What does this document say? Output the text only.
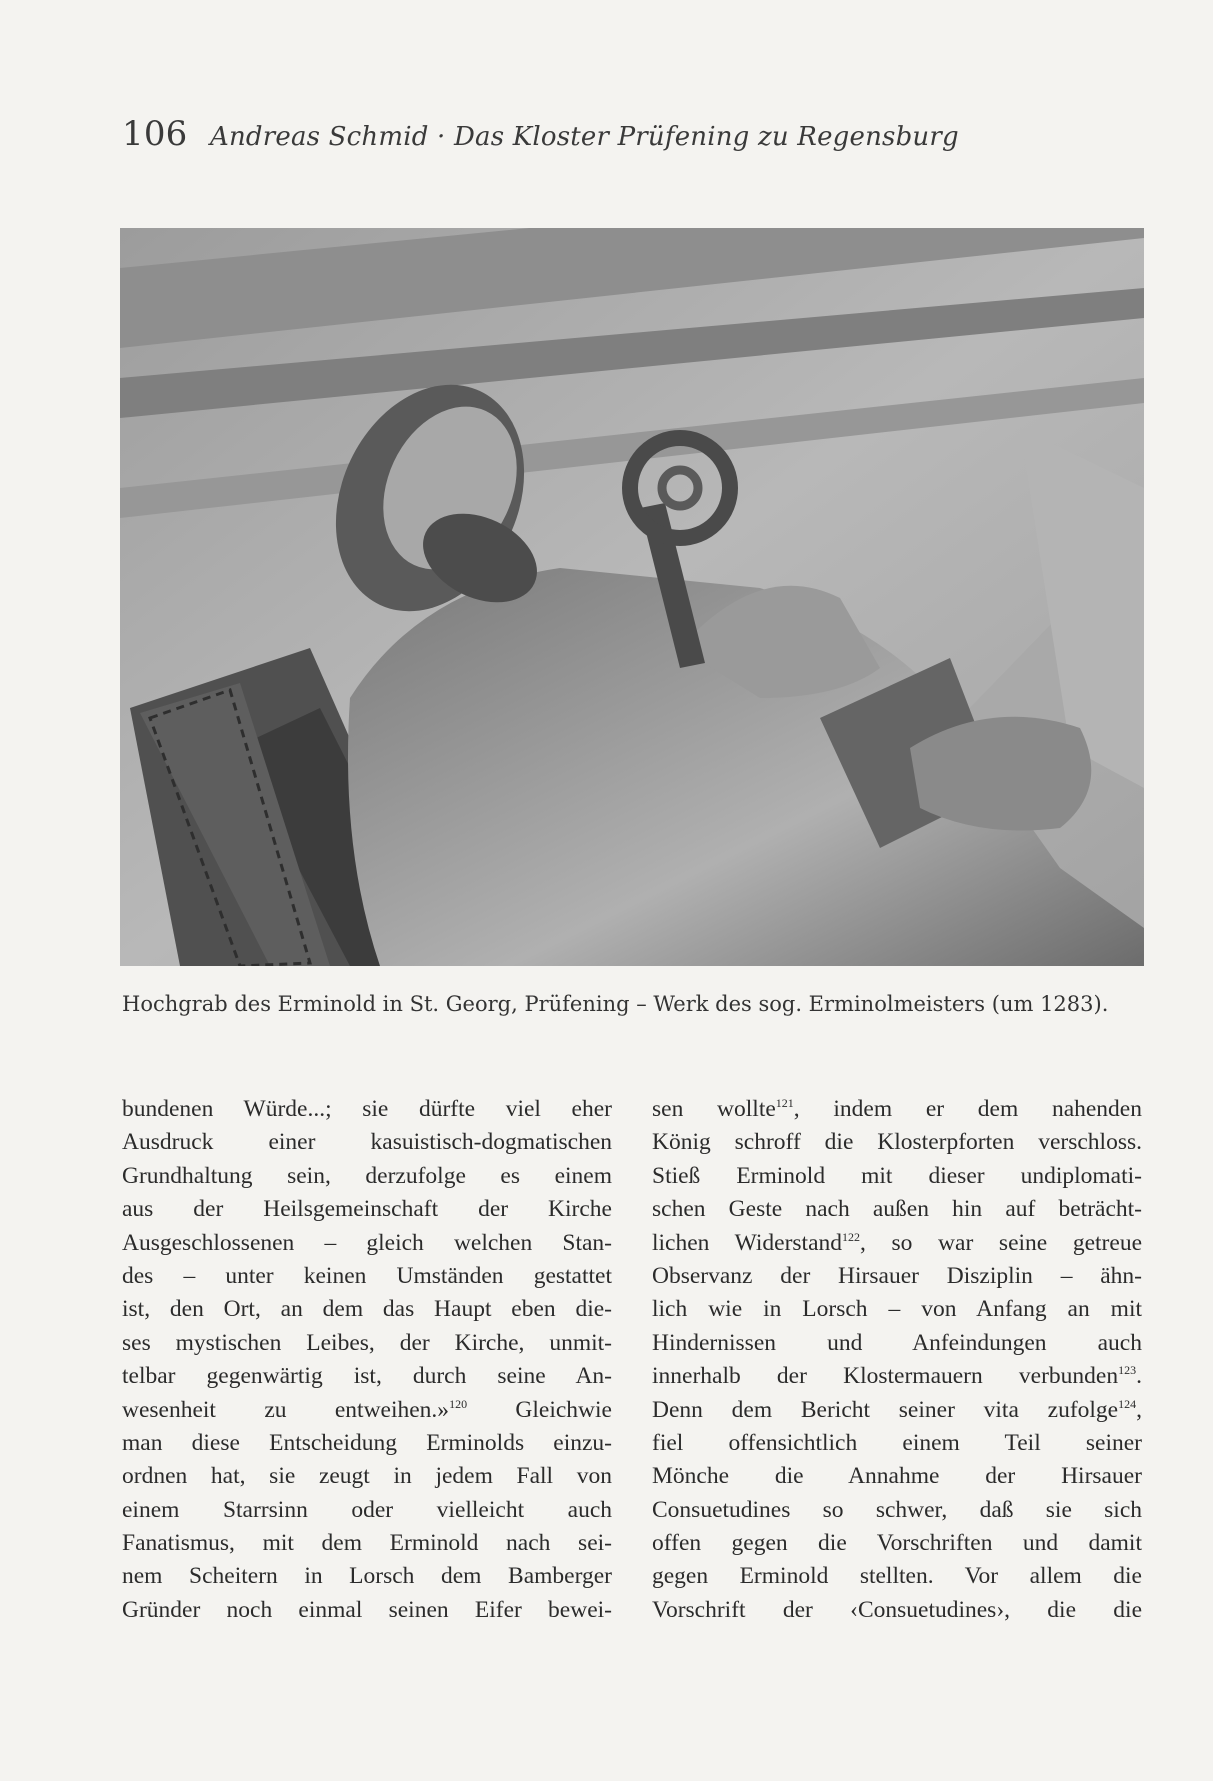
106 Andreas Schmid · Das Kloster Prüfening zu Regensburg
Hochgrab des Erminold in St. Georg, Prüfening – Werk des sog. Erminolmeisters (um 1283).
bundenen Würde...; sie dürfte viel eher
Ausdruck einer kasuistisch-dogmatischen
Grundhaltung sein, derzufolge es einem
aus der Heilsgemeinschaft der Kirche
Ausgeschlossenen – gleich welchen Stan-
des – unter keinen Umständen gestattet
ist, den Ort, an dem das Haupt eben die-
ses mystischen Leibes, der Kirche, unmit-
telbar gegenwärtig ist, durch seine An-
wesenheit zu entweihen.»$^{120}$ Gleichwie
man diese Entscheidung Erminolds einzu-
ordnen hat, sie zeugt in jedem Fall von
einem Starrsinn oder vielleicht auch
Fanatismus, mit dem Erminold nach sei-
nem Scheitern in Lorsch dem Bamberger
Gründer noch einmal seinen Eifer bewei-
sen wollte$^{121}$, indem er dem nahenden
König schroff die Klosterpforten verschloss.
Stieß Erminold mit dieser undiplomati-
schen Geste nach außen hin auf beträcht-
lichen Widerstand$^{122}$, so war seine getreue
Observanz der Hirsauer Disziplin – ähn-
lich wie in Lorsch – von Anfang an mit
Hindernissen und Anfeindungen auch
innerhalb der Klostermauern verbunden$^{123}$.
Denn dem Bericht seiner vita zufolge$^{124}$,
fiel offensichtlich einem Teil seiner
Mönche die Annahme der Hirsauer
Consuetudines so schwer, daß sie sich
offen gegen die Vorschriften und damit
gegen Erminold stellten. Vor allem die
Vorschrift der ‹Consuetudines›, die die
